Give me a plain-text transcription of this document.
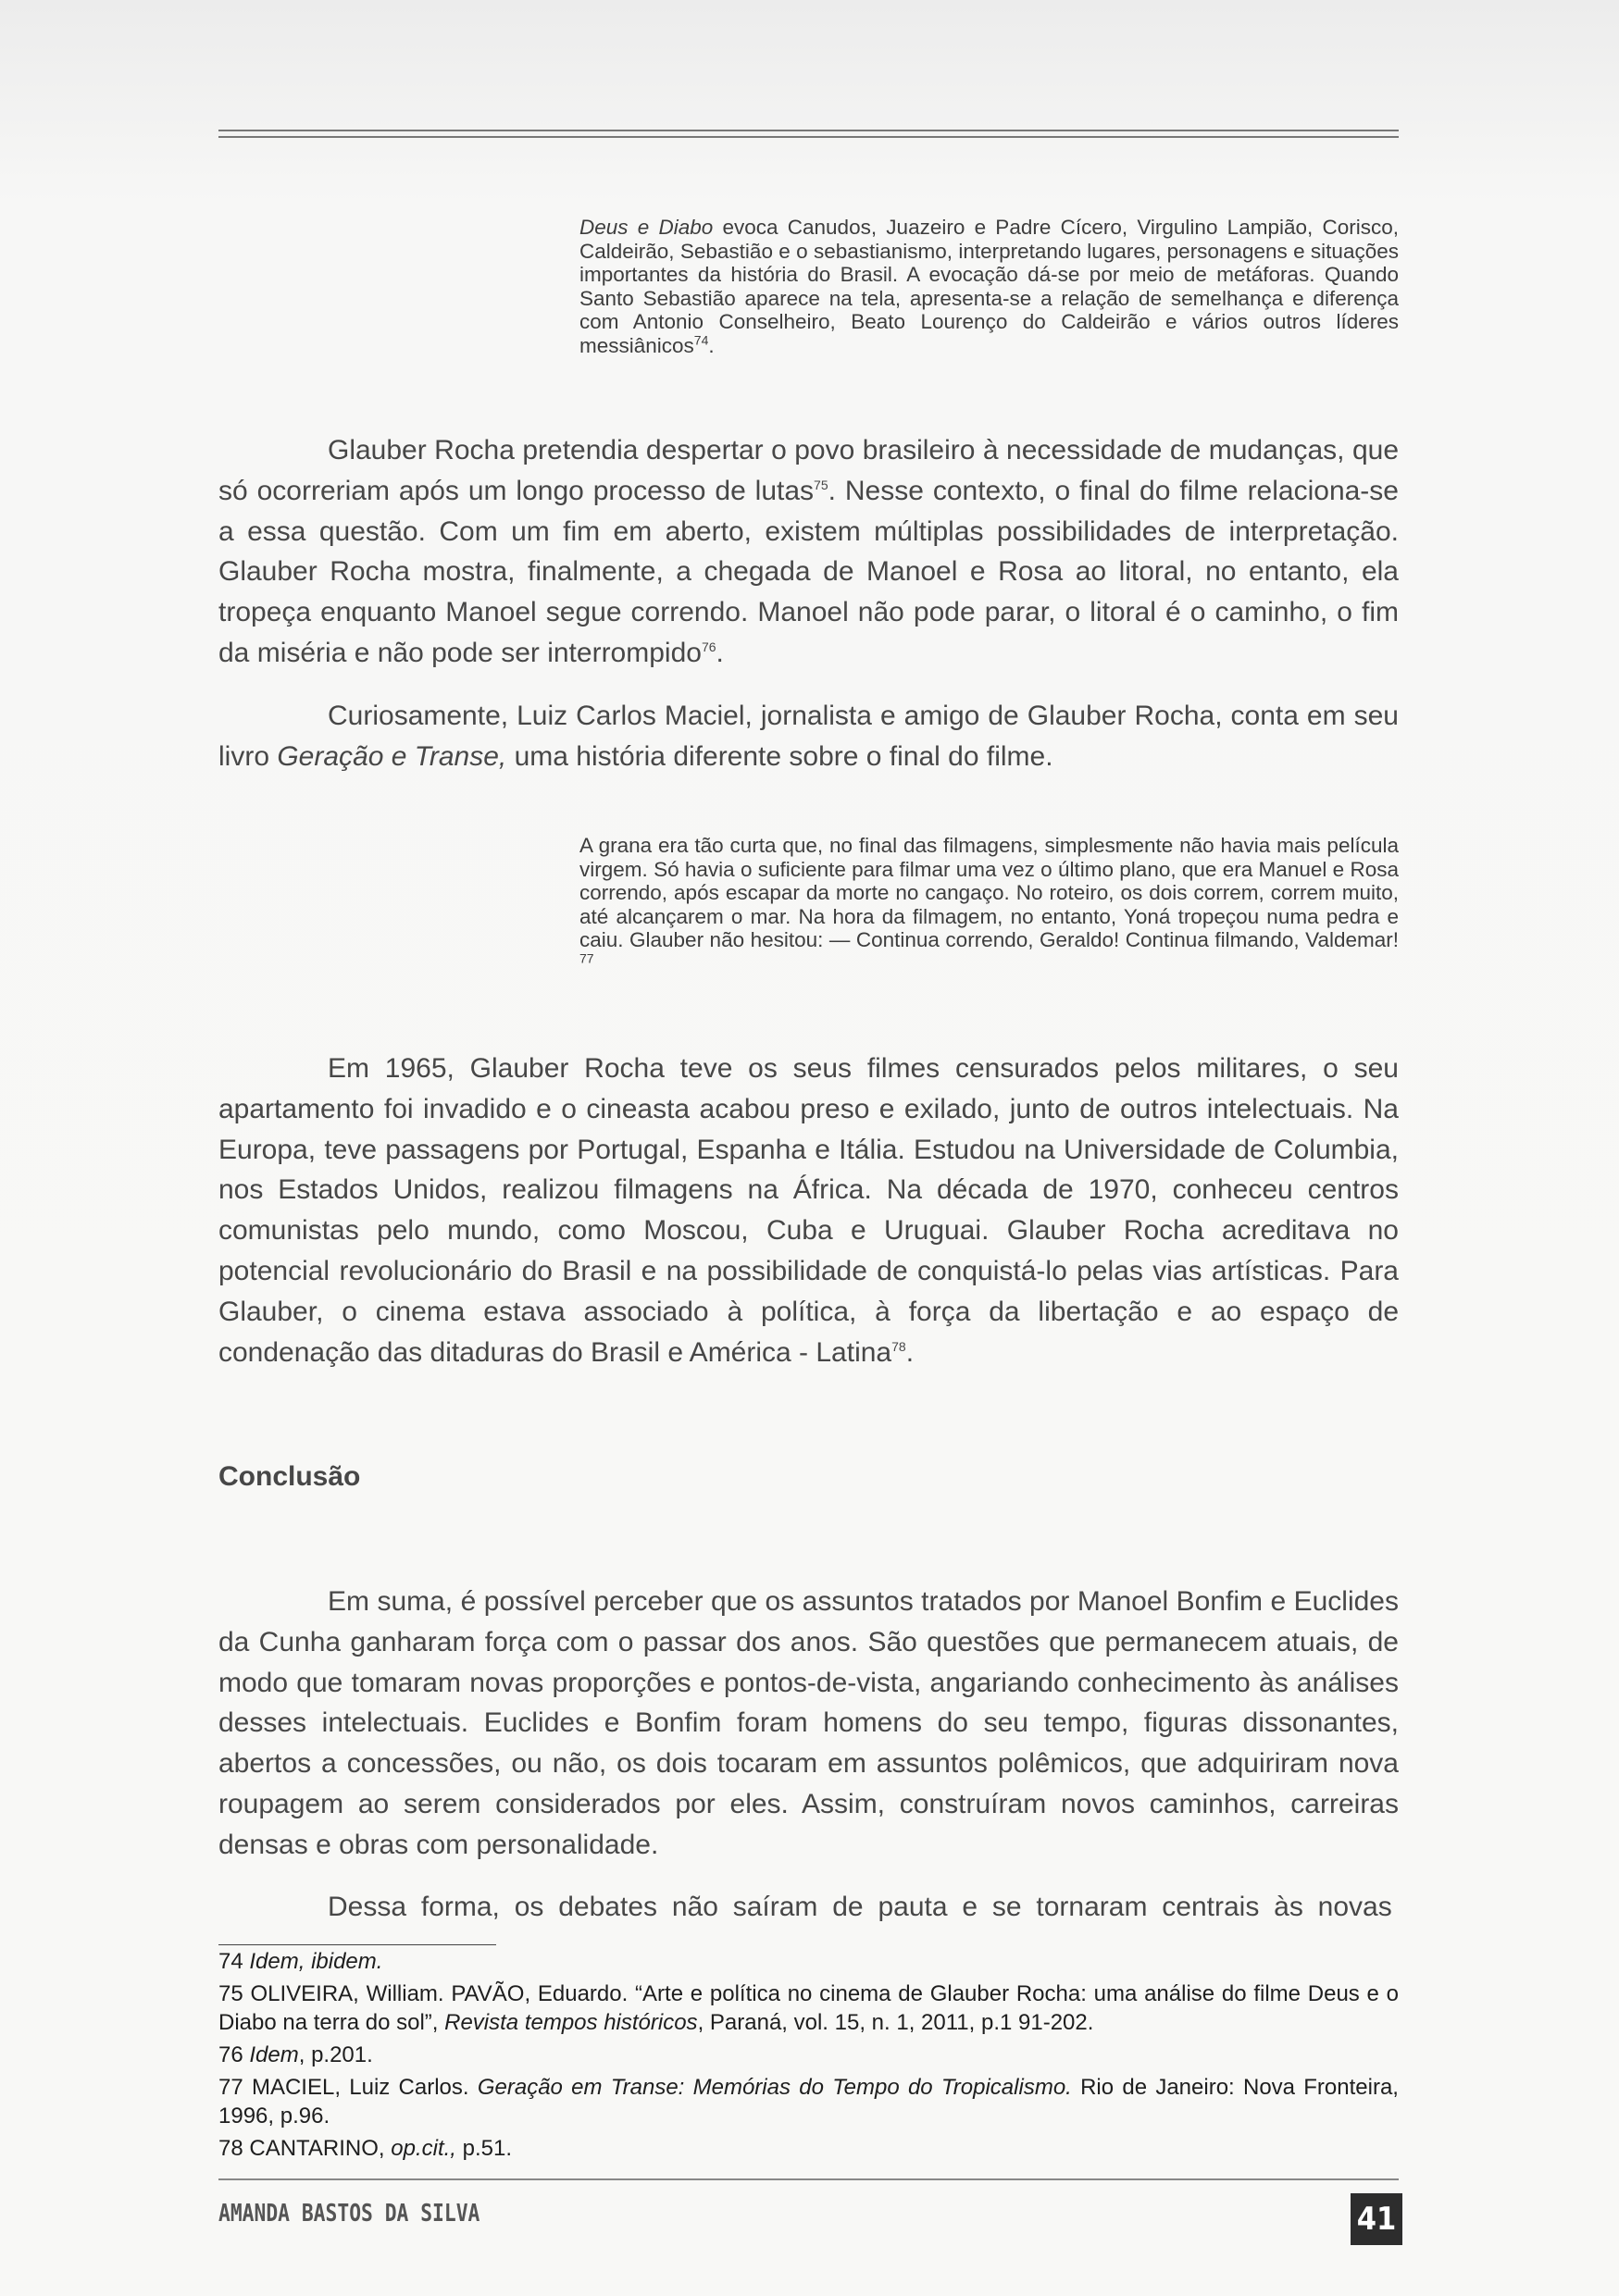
Deus e Diabo evoca Canudos, Juazeiro e Padre Cícero, Virgulino Lampião, Corisco, Caldeirão, Sebastião e o sebastianismo, interpretando lugares, personagens e situações importantes da história do Brasil. A evocação dá-se por meio de metáforas. Quando Santo Sebastião aparece na tela, apresenta-se a relação de semelhança e diferença com Antonio Conselheiro, Beato Lourenço do Caldeirão e vários outros líderes messiânicos$^{74}$.

Glauber Rocha pretendia despertar o povo brasileiro à necessidade de mudanças, que só ocorreriam após um longo processo de lutas$^{75}$. Nesse contexto, o final do filme relaciona-se a essa questão. Com um fim em aberto, existem múltiplas possibilidades de interpretação. Glauber Rocha mostra, finalmente, a chegada de Manoel e Rosa ao litoral, no entanto, ela tropeça enquanto Manoel segue correndo. Manoel não pode parar, o litoral é o caminho, o fim da miséria e não pode ser interrompido$^{76}$.

Curiosamente, Luiz Carlos Maciel, jornalista e amigo de Glauber Rocha, conta em seu livro Geração e Transe, uma história diferente sobre o final do filme.

A grana era tão curta que, no final das filmagens, simplesmente não havia mais película virgem. Só havia o suficiente para filmar uma vez o último plano, que era Manuel e Rosa correndo, após escapar da morte no cangaço. No roteiro, os dois correm, correm muito, até alcançarem o mar. Na hora da filmagem, no entanto, Yoná tropeçou numa pedra e caiu. Glauber não hesitou: — Continua correndo, Geraldo! Continua filmando, Valdemar! $^{77}$

Em 1965, Glauber Rocha teve os seus filmes censurados pelos militares, o seu apartamento foi invadido e o cineasta acabou preso e exilado, junto de outros intelectuais. Na Europa, teve passagens por Portugal, Espanha e Itália. Estudou na Universidade de Columbia, nos Estados Unidos, realizou filmagens na África. Na década de 1970, conheceu centros comunistas pelo mundo, como Moscou, Cuba e Uruguai. Glauber Rocha acreditava no potencial revolucionário do Brasil e na possibilidade de conquistá-lo pelas vias artísticas. Para Glauber, o cinema estava associado à política, à força da libertação e ao espaço de condenação das ditaduras do Brasil e América - Latina$^{78}$.

Conclusão

Em suma, é possível perceber que os assuntos tratados por Manoel Bonfim e Euclides da Cunha ganharam força com o passar dos anos. São questões que permanecem atuais, de modo que tomaram novas proporções e pontos-de-vista, angariando conhecimento às análises desses intelectuais. Euclides e Bonfim foram homens do seu tempo, figuras dissonantes, abertos a concessões, ou não, os dois tocaram em assuntos polêmicos, que adquiriram nova roupagem ao serem considerados por eles. Assim, construíram novos caminhos, carreiras densas e obras com personalidade.

Dessa forma, os debates não saíram de pauta e se tornaram centrais às novas

74 Idem, ibidem.

75 OLIVEIRA, William. PAVÃO, Eduardo. “Arte e política no cinema de Glauber Rocha: uma análise do filme Deus e o Diabo na terra do sol”, Revista tempos históricos, Paraná, vol. 15, n. 1, 2011, p.1 91-202.

76 Idem, p.201.

77 MACIEL, Luiz Carlos. Geração em Transe: Memórias do Tempo do Tropicalismo. Rio de Janeiro: Nova Fronteira, 1996, p.96.

78 CANTARINO, op.cit., p.51.

AMANDA BASTOS DA SILVA	41
